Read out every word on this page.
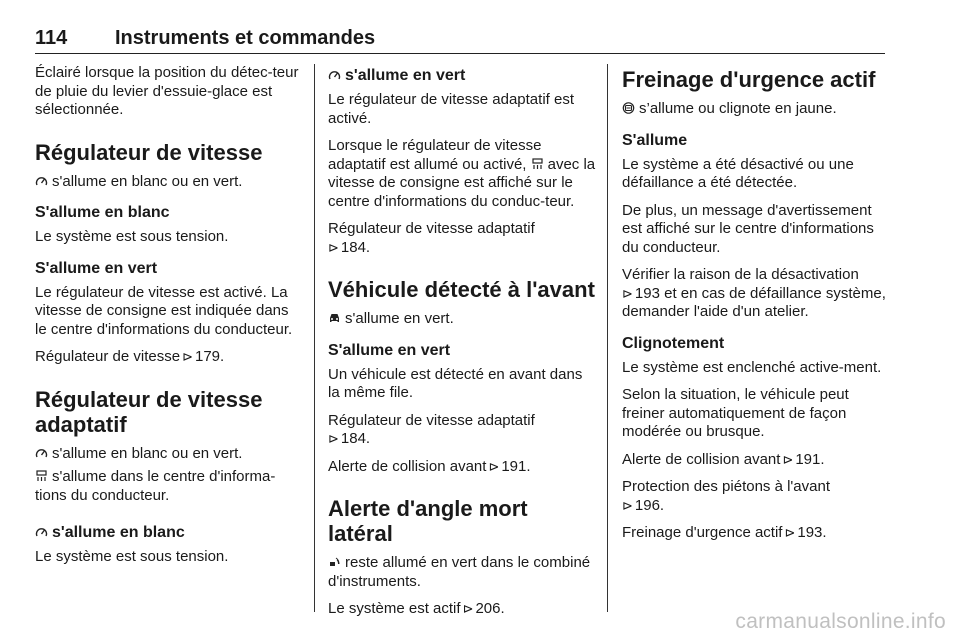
114 Instruments et commandes

Éclairé lorsque la position du détec-teur de pluie du levier d'essuie-glace est sélectionnée.

Régulateur de vitesse

s'allume en blanc ou en vert.

S'allume en blanc

Le système est sous tension.

S'allume en vert

Le régulateur de vitesse est activé. La vitesse de consigne est indiquée dans le centre d'informations du conducteur.

Régulateur de vitesse ⊳ 179.

Régulateur de vitesse adaptatif

s'allume en blanc ou en vert.

s'allume dans le centre d'informa-tions du conducteur.

s'allume en blanc

Le système est sous tension.

s'allume en vert

Le régulateur de vitesse adaptatif est activé.

Lorsque le régulateur de vitesse adaptatif est allumé ou activé, avec la vitesse de consigne est affiché sur le centre d'informations du conduc-teur.

Régulateur de vitesse adaptatif
⊳ 184.

Véhicule détecté à l'avant

s'allume en vert.

S'allume en vert

Un véhicule est détecté en avant dans la même file.

Régulateur de vitesse adaptatif
⊳ 184.

Alerte de collision avant ⊳ 191.

Alerte d'angle mort latéral

reste allumé en vert dans le combiné d'instruments.

Le système est actif ⊳ 206.

Freinage d'urgence actif

s’allume ou clignote en jaune.

S'allume

Le système a été désactivé ou une défaillance a été détectée.

De plus, un message d'avertissement est affiché sur le centre d'informations du conducteur.

Vérifier la raison de la désactivation
⊳ 193 et en cas de défaillance système, demander l'aide d'un atelier.

Clignotement

Le système est enclenché active-ment.

Selon la situation, le véhicule peut freiner automatiquement de façon modérée ou brusque.

Alerte de collision avant ⊳ 191.

Protection des piétons à l'avant
⊳ 196.

Freinage d'urgence actif ⊳ 193.

carmanualsonline.info
